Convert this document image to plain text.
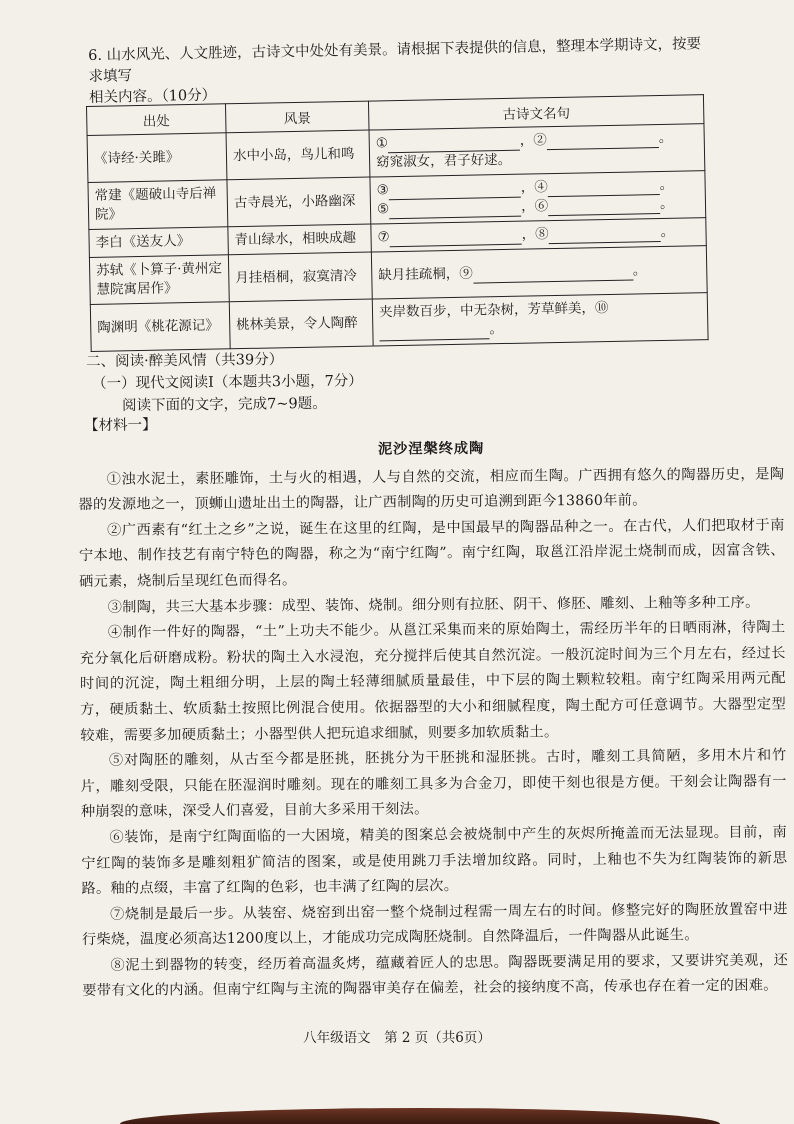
6. 山水风光、人文胜迹，古诗文中处处有美景。请根据下表提供的信息，整理本学期诗文，按要求填写
相关内容。（10分）
出处	风景	古诗文名句
《诗经·关雎》	水中小岛，鸟儿和鸣	① ，② 。
窈窕淑女，君子好逑。
常建《题破山寺后禅院》	古寺晨光，小路幽深	③ ，④ 。
⑤ ，⑥ 。
李白《送友人》	青山绿水，相映成趣	⑦ ，⑧ 。
苏轼《卜算子·黄州定慧院寓居作》	月挂梧桐，寂寞清冷	缺月挂疏桐，⑨ 。
陶渊明《桃花源记》	桃林美景，令人陶醉	夹岸数百步，中无杂树，芳草鲜美，⑩。
二、阅读·醉美风情（共39分）
（一）现代文阅读Ⅰ（本题共3小题，7分）
阅读下面的文字，完成7~9题。
【材料一】
泥沙涅槃终成陶

①浊水泥土，素胚雕饰，土与火的相遇，人与自然的交流，相应而生陶。广西拥有悠久的陶器历史，是陶器的发源地之一，顶蛳山遗址出土的陶器，让广西制陶的历史可追溯到距今13860年前。

②广西素有“红土之乡”之说，诞生在这里的红陶，是中国最早的陶器品种之一。在古代，人们把取材于南宁本地、制作技艺有南宁特色的陶器，称之为“南宁红陶”。南宁红陶，取邕江沿岸泥土烧制而成，因富含铁、硒元素，烧制后呈现红色而得名。

③制陶，共三大基本步骤：成型、装饰、烧制。细分则有拉胚、阴干、修胚、雕刻、上釉等多种工序。

④制作一件好的陶器，“土”上功夫不能少。从邕江采集而来的原始陶土，需经历半年的日晒雨淋，待陶土充分氧化后研磨成粉。粉状的陶土入水浸泡，充分搅拌后使其自然沉淀。一般沉淀时间为三个月左右，经过长时间的沉淀，陶土粗细分明，上层的陶土轻薄细腻质量最佳，中下层的陶土颗粒较粗。南宁红陶采用两元配方，硬质黏土、软质黏土按照比例混合使用。依据器型的大小和细腻程度，陶土配方可任意调节。大器型定型较难，需要多加硬质黏土；小器型供人把玩追求细腻，则要多加软质黏土。

⑤对陶胚的雕刻，从古至今都是胚挑，胚挑分为干胚挑和湿胚挑。古时，雕刻工具简陋，多用木片和竹片，雕刻受限，只能在胚湿润时雕刻。现在的雕刻工具多为合金刀，即使干刻也很是方便。干刻会让陶器有一种崩裂的意味，深受人们喜爱，目前大多采用干刻法。

⑥装饰，是南宁红陶面临的一大困境，精美的图案总会被烧制中产生的灰烬所掩盖而无法显现。目前，南宁红陶的装饰多是雕刻粗犷简洁的图案，或是使用跳刀手法增加纹路。同时，上釉也不失为红陶装饰的新思路。釉的点缀，丰富了红陶的色彩，也丰满了红陶的层次。

⑦烧制是最后一步。从装窑、烧窑到出窑一整个烧制过程需一周左右的时间。修整完好的陶胚放置窑中进行柴烧，温度必须高达1200度以上，才能成功完成陶胚烧制。自然降温后，一件陶器从此诞生。

⑧泥土到器物的转变，经历着高温炙烤，蕴藏着匠人的忠思。陶器既要满足用的要求，又要讲究美观，还要带有文化的内涵。但南宁红陶与主流的陶器审美存在偏差，社会的接纳度不高，传承也存在着一定的困难。

八年级语文　第 2 页（共6页）
